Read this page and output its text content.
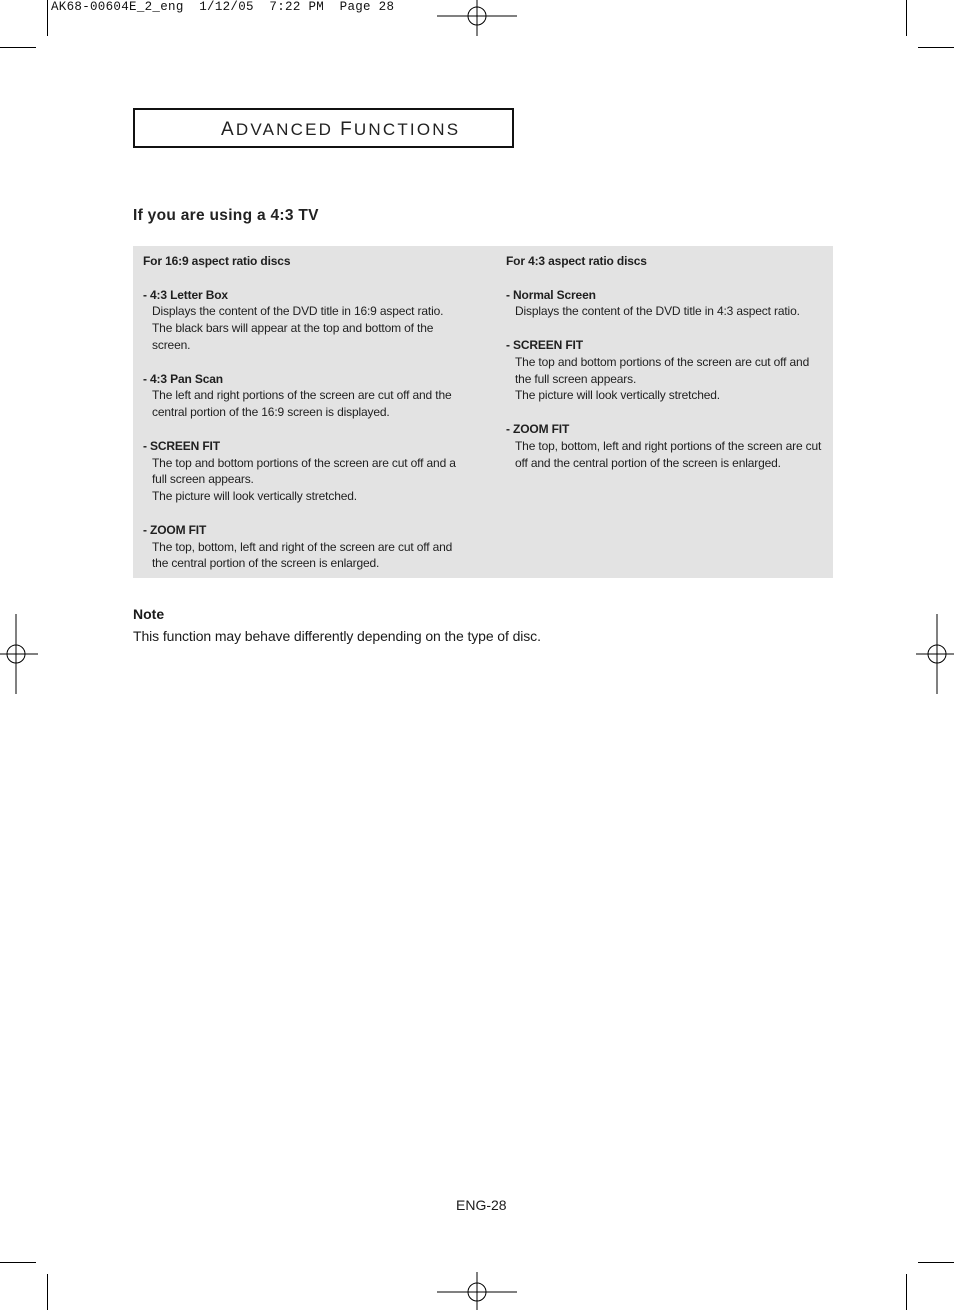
AK68-00604E_2_eng  1/12/05  7:22 PM  Page 28
ADVANCED FUNCTIONS
If you are using a 4:3 TV
For 16:9 aspect ratio discs
- 4:3 Letter Box
Displays the content of the DVD title in 16:9 aspect ratio.
The black bars will appear at the top and bottom of the
screen.
- 4:3 Pan Scan
The left and right portions of the screen are cut off and the
central portion of the 16:9 screen is displayed.
- SCREEN FIT
The top and bottom portions of the screen are cut off and a
full screen appears.
The picture will look vertically stretched.
- ZOOM FIT
The top, bottom, left and right of the screen are cut off and
the central portion of the screen is enlarged.
For 4:3 aspect ratio discs
- Normal Screen
Displays the content of the DVD title in 4:3 aspect ratio.
- SCREEN FIT
The top and bottom portions of the screen are cut off and
the full screen appears.
The picture will look vertically stretched.
- ZOOM FIT
The top, bottom, left and right portions of the screen are cut
off and the central portion of the screen is enlarged.
Note
This function may behave differently depending on the type of disc.
ENG-28
